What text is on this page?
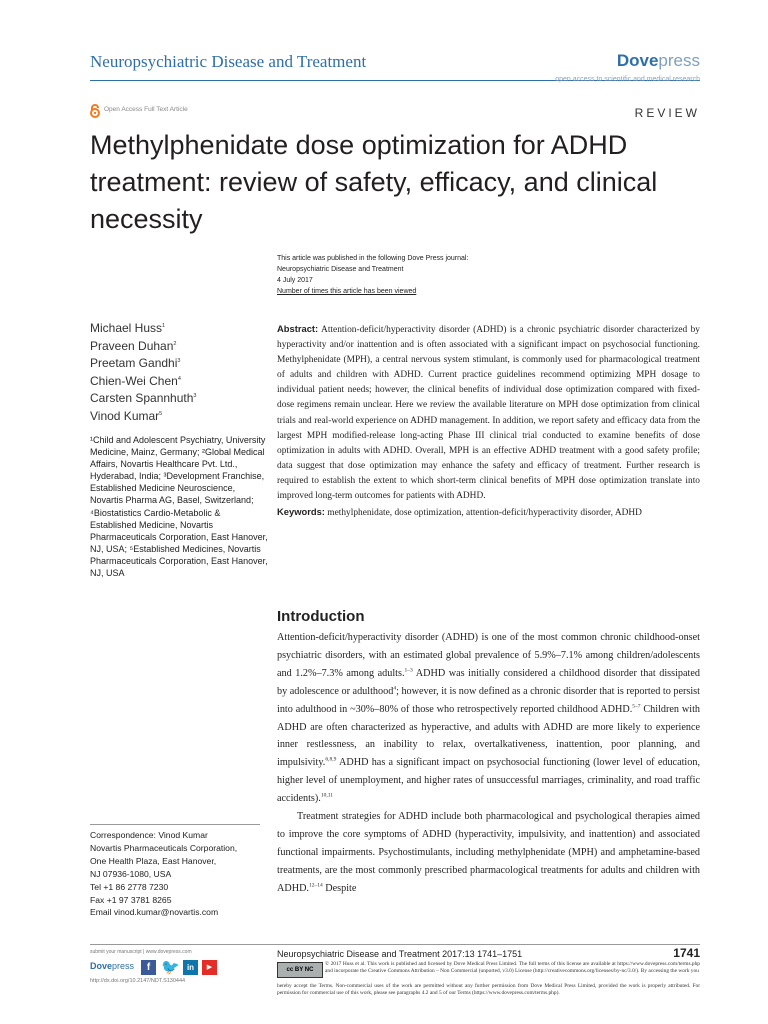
Neuropsychiatric Disease and Treatment	Dovepress
open access to scientific and medical research
Open Access Full Text Article	REVIEW
Methylphenidate dose optimization for ADHD treatment: review of safety, efficacy, and clinical necessity
This article was published in the following Dove Press journal:
Neuropsychiatric Disease and Treatment
4 July 2017
Number of times this article has been viewed
Michael Huss$^1$
Praveen Duhan$^2$
Preetam Gandhi$^3$
Chien-Wei Chen$^4$
Carsten Spannhuth$^3$
Vinod Kumar$^5$
¹Child and Adolescent Psychiatry, University Medicine, Mainz, Germany; ²Global Medical Affairs, Novartis Healthcare Pvt. Ltd., Hyderabad, India; ³Development Franchise, Established Medicine Neuroscience, Novartis Pharma AG, Basel, Switzerland; ⁴Biostatistics Cardio-Metabolic & Established Medicine, Novartis Pharmaceuticals Corporation, East Hanover, NJ, USA; ⁵Established Medicines, Novartis Pharmaceuticals Corporation, East Hanover, NJ, USA
Abstract: Attention-deficit/hyperactivity disorder (ADHD) is a chronic psychiatric disorder characterized by hyperactivity and/or inattention and is often associated with a significant impact on psychosocial functioning. Methylphenidate (MPH), a central nervous system stimulant, is commonly used for pharmacological treatment of adults and children with ADHD. Current practice guidelines recommend optimizing MPH dosage to individual patient needs; however, the clinical benefits of individual dose optimization compared with fixed-dose regimens remain unclear. Here we review the available literature on MPH dose optimization from clinical trials and real-world experience on ADHD management. In addition, we report safety and efficacy data from the largest MPH modified-release long-acting Phase III clinical trial conducted to examine benefits of dose optimization in adults with ADHD. Overall, MPH is an effective ADHD treatment with a good safety profile; data suggest that dose optimization may enhance the safety and efficacy of treatment. Further research is required to establish the extent to which short-term clinical benefits of MPH dose optimization translate into improved long-term outcomes for patients with ADHD.
Keywords: methylphenidate, dose optimization, attention-deficit/hyperactivity disorder, ADHD
Introduction

Attention-deficit/hyperactivity disorder (ADHD) is one of the most common chronic childhood-onset psychiatric disorders, with an estimated global prevalence of 5.9%–7.1% among children/adolescents and 1.2%–7.3% among adults.$^{1-3}$ ADHD was initially considered a childhood disorder that dissipated by adolescence or adulthood$^4$; however, it is now defined as a chronic disorder that is reported to persist into adulthood in ~30%–80% of those who retrospectively reported childhood ADHD.$^{5-7}$ Children with ADHD are often characterized as hyperactive, and adults with ADHD are more likely to experience inner restlessness, an inability to relax, overtalkativeness, inattention, poor planning, and impulsivity.$^{6,8,9}$ ADHD has a significant impact on psychosocial functioning (lower level of education, higher level of unemployment, and higher rates of unsuccessful marriages, criminality, and road traffic accidents).$^{10,11}$

Treatment strategies for ADHD include both pharmacological and psychological therapies aimed to improve the core symptoms of ADHD (hyperactivity, impulsivity, and inattention) and associated functional impairments. Psychostimulants, including methylphenidate (MPH) and amphetamine-based treatments, are the most commonly prescribed pharmacological treatments for adults and children with ADHD.$^{12-14}$ Despite

Correspondence: Vinod Kumar
Novartis Pharmaceuticals Corporation,
One Health Plaza, East Hanover,
NJ 07936-1080, USA
Tel +1 86 2778 7230
Fax +1 97 3781 8265
Email vinod.kumar@novartis.com
submit your manuscript | www.dovepress.com
Dovepress	f 🐦 in	▶
http://dx.doi.org/10.2147/NDT.S130444
Neuropsychiatric Disease and Treatment 2017:13 1741–1751	1741
cc BY NC
© 2017 Huss et al. This work is published and licensed by Dove Medical Press Limited. The full terms of this license are available at https://www.dovepress.com/terms.php and incorporate the Creative Commons Attribution – Non Commercial (unported, v3.0) License (http://creativecommons.org/licenses/by-nc/3.0/). By accessing the work you
hereby accept the Terms. Non-commercial uses of the work are permitted without any further permission from Dove Medical Press Limited, provided the work is properly attributed. For permission for commercial use of this work, please see paragraphs 4.2 and 5 of our Terms (https://www.dovepress.com/terms.php).
